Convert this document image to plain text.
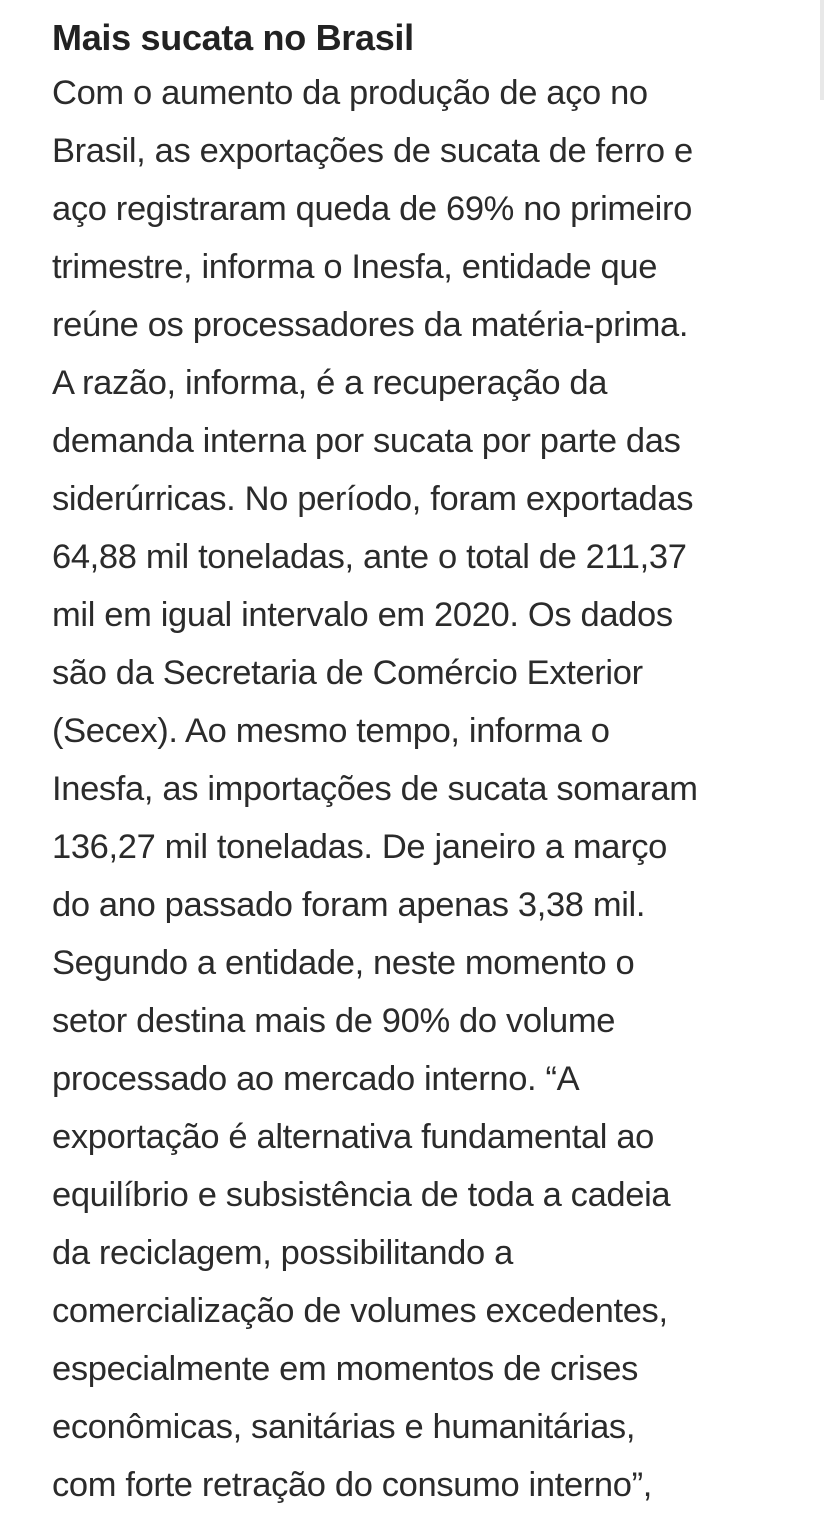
Mais sucata no Brasil

Com o aumento da produção de aço no
Brasil, as exportações de sucata de ferro e
aço registraram queda de 69% no primeiro
trimestre, informa o Inesfa, entidade que
reúne os processadores da matéria-prima.
A razão, informa, é a recuperação da
demanda interna por sucata por parte das
siderúrricas. No período, foram exportadas
64,88 mil toneladas, ante o total de 211,37
mil em igual intervalo em 2020. Os dados
são da Secretaria de Comércio Exterior
(Secex). Ao mesmo tempo, informa o
Inesfa, as importações de sucata somaram
136,27 mil toneladas. De janeiro a março
do ano passado foram apenas 3,38 mil.
Segundo a entidade, neste momento o
setor destina mais de 90% do volume
processado ao mercado interno. “A
exportação é alternativa fundamental ao
equilíbrio e subsistência de toda a cadeia
da reciclagem, possibilitando a
comercialização de volumes excedentes,
especialmente em momentos de crises
econômicas, sanitárias e humanitárias,
com forte retração do consumo interno”,
